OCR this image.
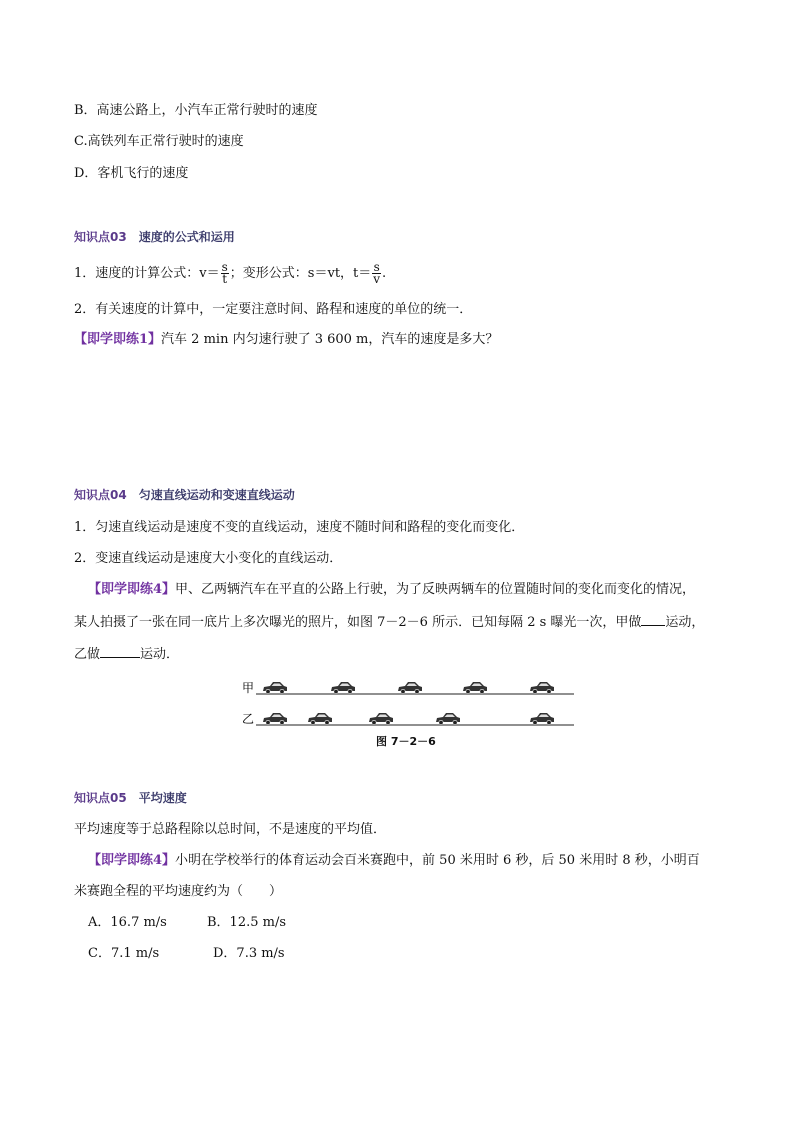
B．高速公路上，小汽车正常行驶时的速度
C.高铁列车正常行驶时的速度
D．客机飞行的速度
知识点03 速度的公式和运用
1．速度的计算公式：$v= \frac{s}{t}$ ；变形公式：s＝vt，$t= \frac{s}{v}$ .
2．有关速度的计算中，一定要注意时间、路程和速度的单位的统一．
【即学即练1】汽车 2 min 内匀速行驶了 3 600 m，汽车的速度是多大？
知识点04 匀速直线运动和变速直线运动
1．匀速直线运动是速度不变的直线运动，速度不随时间和路程的变化而变化．
2．变速直线运动是速度大小变化的直线运动．
【即学即练4】甲、乙两辆汽车在平直的公路上行驶，为了反映两辆车的位置随时间的变化而变化的情况，
某人拍摄了一张在同一底片上多次曝光的照片，如图 7－2－6 所示．已知每隔 2 s 曝光一次，甲做 运动，
乙做	运动．
甲
乙
图 7－2－6
知识点05 平均速度
平均速度等于总路程除以总时间，不是速度的平均值．
【即学即练4】小明在学校举行的体育运动会百米赛跑中，前 50 米用时 6 秒，后 50 米用时 8 秒，小明百
米赛跑全程的平均速度约为（　　）
A．16.7 m/s	B．12.5 m/s
C．7.1 m/s	D．7.3 m/s
